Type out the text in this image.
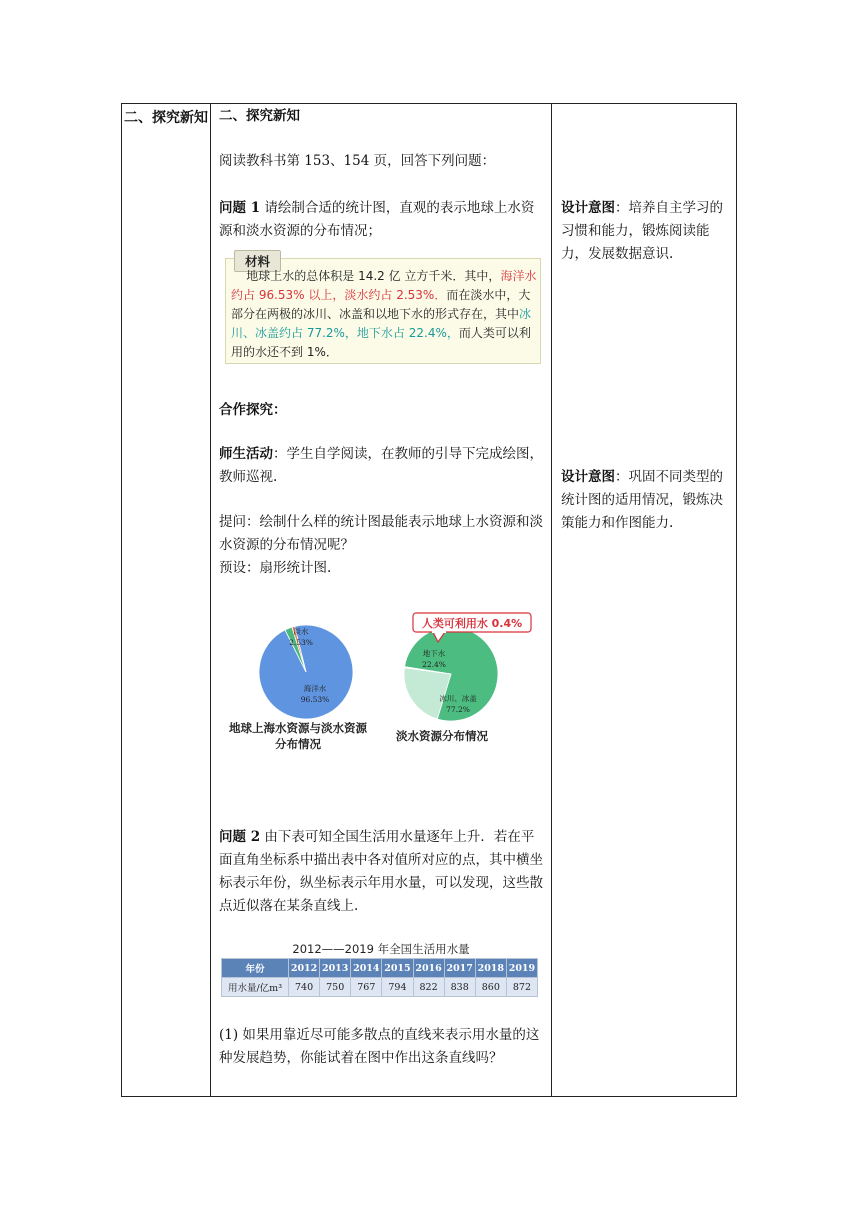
二、探究新知 二、探究新知
阅读教科书第 153、154 页，回答下列问题：
问题 1 请绘制合适的统计图，直观的表示地球上水资源和淡水资源的分布情况；
材料
地球上水的总体积是 14.2 亿 立方千米．其中，海洋水约占 96.53% 以上，淡水约占 2.53%．而在淡水中，大部分在两极的冰川、冰盖和以地下水的形式存在，其中冰川、冰盖约占 77.2%，地下水占 22.4%，而人类可以利用的水还不到 1%．
合作探究：
师生活动：学生自学阅读，在教师的引导下完成绘图，教师巡视.
提问：绘制什么样的统计图最能表示地球上水资源和淡水资源的分布情况呢？
预设：扇形统计图.
淡水
2.53%
海洋水
96.53%
地下水
22.4%
冰川、冰盖
77.2%
人类可利用水 0.4%
地球上海水资源与淡水资源分布情况
淡水资源分布情况
问题 2 由下表可知全国生活用水量逐年上升．若在平面直角坐标系中描出表中各对值所对应的点，其中横坐标表示年份，纵坐标表示年用水量，可以发现，这些散点近似落在某条直线上.
2012——2019 年全国生活用水量
年份	2012	2013	2014	2015	2016	2017	2018	2019
用水量/亿m³	740	750	767	794	822	838	860	872
(1) 如果用靠近尽可能多散点的直线来表示用水量的这种发展趋势，你能试着在图中作出这条直线吗？
设计意图：培养自主学习的习惯和能力，锻炼阅读能力，发展数据意识.
设计意图：巩固不同类型的统计图的适用情况，锻炼决策能力和作图能力.
